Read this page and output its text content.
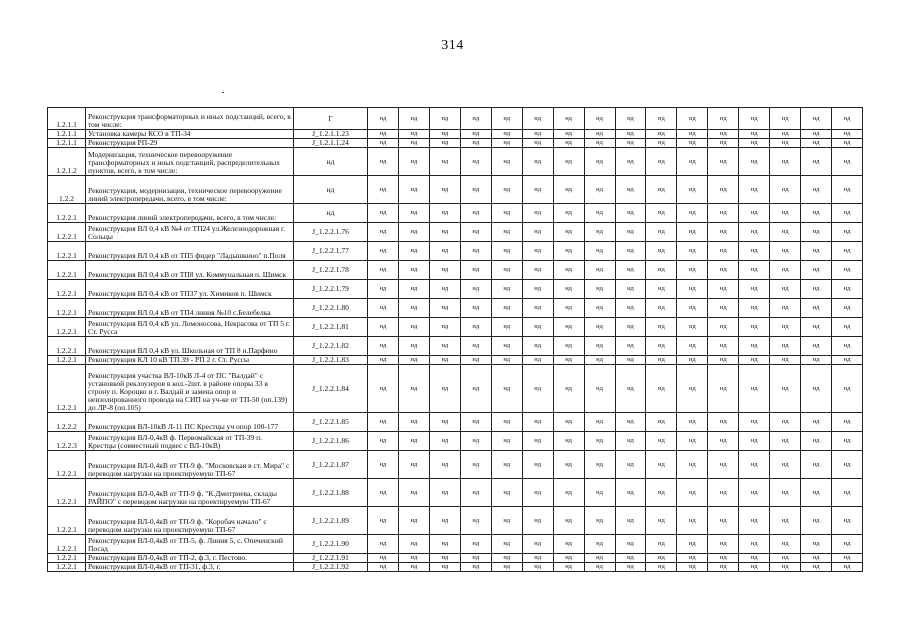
314
1.2.1.1	Реконструкция трансформаторных и иных подстанций, всего, в том числе:	Г	нд	нд	нд	нд	нд	нд	нд	нд	нд	нд	нд	нд	нд	нд	нд	нд
1.2.1.1	Установка камеры КСО в ТП-34	J_1.2.1.1.23	нд	нд	нд	нд	нд	нд	нд	нд	нд	нд	нд	нд	нд	нд	нд	нд
1.2.1.1	Реконструкция РП-29	J_1.2.1.1.24	нд	нд	нд	нд	нд	нд	нд	нд	нд	нд	нд	нд	нд	нд	нд	нд
1.2.1.2	Модернизация, техническое перевооружение трансформаторных и иных подстанций, распределительных пунктов, всего, в том числе:	нд	нд	нд	нд	нд	нд	нд	нд	нд	нд	нд	нд	нд	нд	нд	нд	нд
1.2.2	Реконструкция, модернизация, техническое перевооружение линий электропередачи, всего, в том числе:	нд	нд	нд	нд	нд	нд	нд	нд	нд	нд	нд	нд	нд	нд	нд	нд	нд
1.2.2.1	Реконструкция линий электропередачи, всего, в том числе:	нд	нд	нд	нд	нд	нд	нд	нд	нд	нд	нд	нд	нд	нд	нд	нд	нд
1.2.2.1	Реконструкция ВЛ 0,4 кВ №4 от ТП24 ул.Железнодорожная г. Сольцы	J_1.2.2.1.76	нд	нд	нд	нд	нд	нд	нд	нд	нд	нд	нд	нд	нд	нд	нд	нд
1.2.2.1	Реконструкция ВЛ 0,4 кВ от ТП5 фидер "Ладышкино" п.Поля	J_1.2.2.1.77	нд	нд	нд	нд	нд	нд	нд	нд	нд	нд	нд	нд	нд	нд	нд	нд
1.2.2.1	Реконструкция ВЛ 0,4 кВ от ТП8 ул. Коммунальная п. Шимск	J_1.2.2.1.78	нд	нд	нд	нд	нд	нд	нд	нд	нд	нд	нд	нд	нд	нд	нд	нд
1.2.2.1	Реконструкция ВЛ 0,4 кВ от ТП37 ул. Химиков п. Шимск	J_1.2.2.1.79	нд	нд	нд	нд	нд	нд	нд	нд	нд	нд	нд	нд	нд	нд	нд	нд
1.2.2.1	Реконструкция ВЛ 0,4 кВ от ТП4 линия №10 с.Белебелка	J_1.2.2.1.80	нд	нд	нд	нд	нд	нд	нд	нд	нд	нд	нд	нд	нд	нд	нд	нд
1.2.2.1	Реконструкция ВЛ 0,4 кВ ул. Ломоносова, Некрасова от ТП 5 г. Ст. Русса	J_1.2.2.1.81	нд	нд	нд	нд	нд	нд	нд	нд	нд	нд	нд	нд	нд	нд	нд	нд
1.2.2.1	Реконструкция ВЛ 0,4 кВ ул. Школьная от ТП 8 н.Парфино	J_1.2.2.1.82	нд	нд	нд	нд	нд	нд	нд	нд	нд	нд	нд	нд	нд	нд	нд	нд
1.2.2.1	Реконструкция КЛ 10 кВ ТП 39 - РП 2 г. Ст. Руссы	J_1.2.2.1.83	нд	нд	нд	нд	нд	нд	нд	нд	нд	нд	нд	нд	нд	нд	нд	нд
1.2.2.1	Реконструкция участка ВЛ-10кВ Л-4 от ПС "Валдай" с установкой реклоузеров в кол.-2шт. в районе опоры 33 в строну п. Короцко и г. Валдай и замена опор и неизолированного провода на СИП на уч-ке от ТП-50 (оп.139) до ЛР-8 (оп.105)	J_1.2.2.1.84	нд	нд	нд	нд	нд	нд	нд	нд	нд	нд	нд	нд	нд	нд	нд	нд
1.2.2.2	Реконструкция ВЛ-10кВ Л-11 ПС Крестцы уч опор 100-177	J_1.2.2.1.85	нд	нд	нд	нд	нд	нд	нд	нд	нд	нд	нд	нд	нд	нд	нд	нд
1.2.2.3	Реконструкция ВЛ-0,4кВ ф. Первомайская от ТП-39 п. Крестцы (совместный подвес с ВЛ-10кВ)	J_1.2.2.1.86	нд	нд	нд	нд	нд	нд	нд	нд	нд	нд	нд	нд	нд	нд	нд	нд
1.2.2.1	Реконструкция ВЛ-0,4кВ от ТП-9 ф. "Московская в ст. Мира" с переводом нагрузки на проектируемую ТП-67	J_1.2.2.1.87	нд	нд	нд	нд	нд	нд	нд	нд	нд	нд	нд	нд	нд	нд	нд	нд
1.2.2.1	Реконструкция ВЛ-0,4кВ от ТП-9 ф. "К.Дмитриева, склады РАЙПО" с переводом нагрузки на проектируемую ТП-67	J_1.2.2.1.88	нд	нд	нд	нд	нд	нд	нд	нд	нд	нд	нд	нд	нд	нд	нд	нд
1.2.2.1	Реконструкция ВЛ-0,4кВ от ТП-9 ф. "Коробач начало" с переводом нагрузки на проектируемую ТП-67	J_1.2.2.1.89	нд	нд	нд	нд	нд	нд	нд	нд	нд	нд	нд	нд	нд	нд	нд	нд
1.2.2.1	Реконструкция ВЛ-0,4кВ от ТП-5, ф. Линия 5, с. Опеченский Посад	J_1.2.2.1.90	нд	нд	нд	нд	нд	нд	нд	нд	нд	нд	нд	нд	нд	нд	нд	нд
1.2.2.1	Реконструкция ВЛ-0,4кВ от ТП-2, ф.3, г. Пестово.	J_1.2.2.1.91	нд	нд	нд	нд	нд	нд	нд	нд	нд	нд	нд	нд	нд	нд	нд	нд
1.2.2.1	Реконструкция ВЛ-0,4кВ от ТП-31, ф.3, г.	J_1.2.2.1.92	нд	нд	нд	нд	нд	нд	нд	нд	нд	нд	нд	нд	нд	нд	нд	нд
